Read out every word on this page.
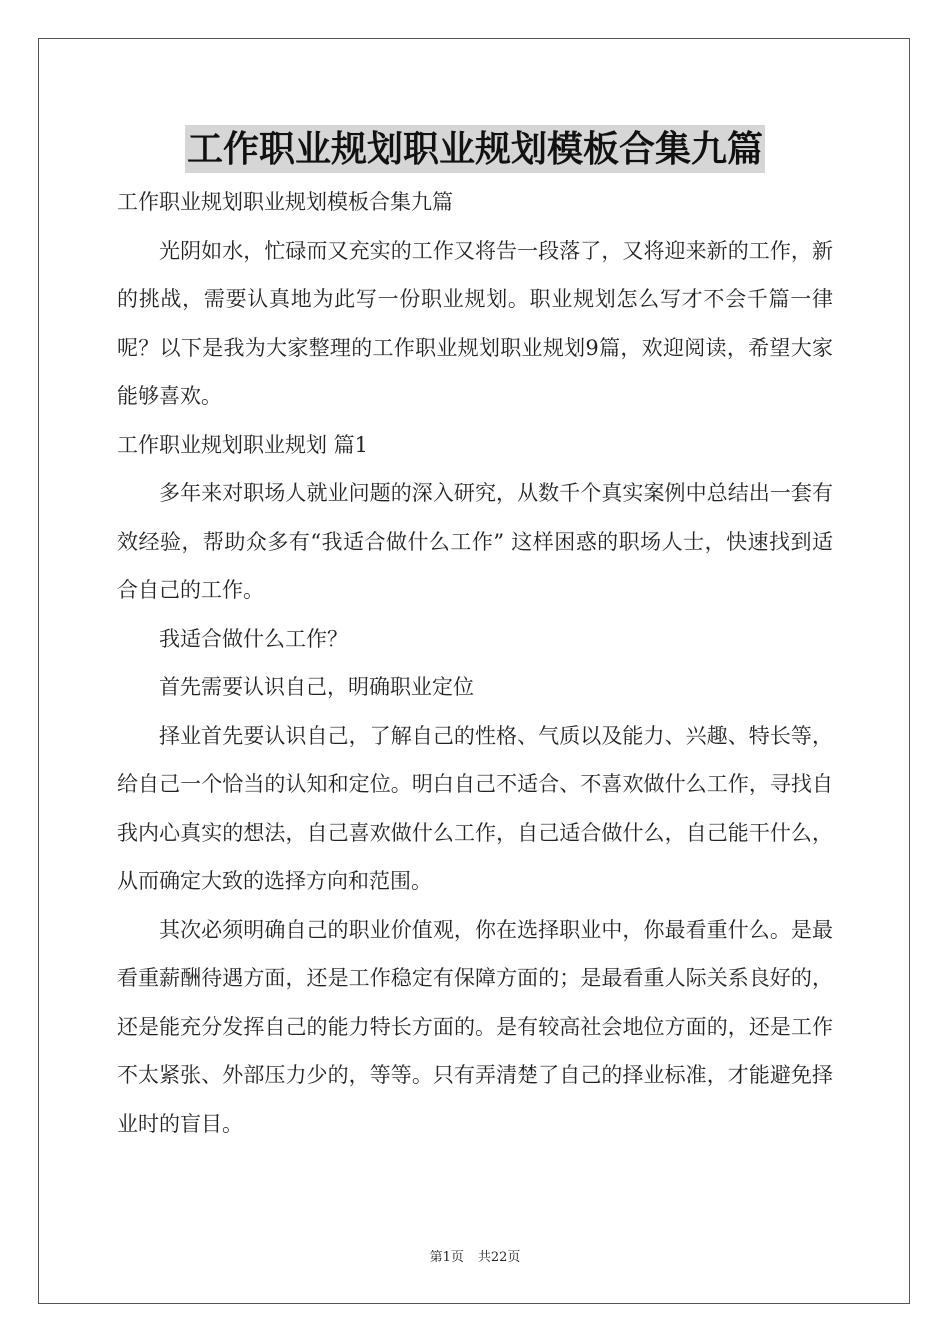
工作职业规划职业规划模板合集九篇

工作职业规划职业规划模板合集九篇

光阴如水，忙碌而又充实的工作又将告一段落了，又将迎来新的工作，新的挑战，需要认真地为此写一份职业规划。职业规划怎么写才不会千篇一律呢？以下是我为大家整理的工作职业规划职业规划9篇，欢迎阅读，希望大家能够喜欢。

工作职业规划职业规划 篇1

多年来对职场人就业问题的深入研究，从数千个真实案例中总结出一套有效经验，帮助众多有“我适合做什么工作” 这样困惑的职场人士，快速找到适合自己的工作。

我适合做什么工作？

首先需要认识自己，明确职业定位

择业首先要认识自己，了解自己的性格、气质以及能力、兴趣、特长等，给自己一个恰当的认知和定位。明白自己不适合、不喜欢做什么工作，寻找自我内心真实的想法，自己喜欢做什么工作，自己适合做什么，自己能干什么，从而确定大致的选择方向和范围。

其次必须明确自己的职业价值观，你在选择职业中，你最看重什么。是最看重薪酬待遇方面，还是工作稳定有保障方面的；是最看重人际关系良好的，还是能充分发挥自己的能力特长方面的。是有较高社会地位方面的，还是工作不太紧张、外部压力少的，等等。只有弄清楚了自己的择业标准，才能避免择业时的盲目。

第1页 共22页
